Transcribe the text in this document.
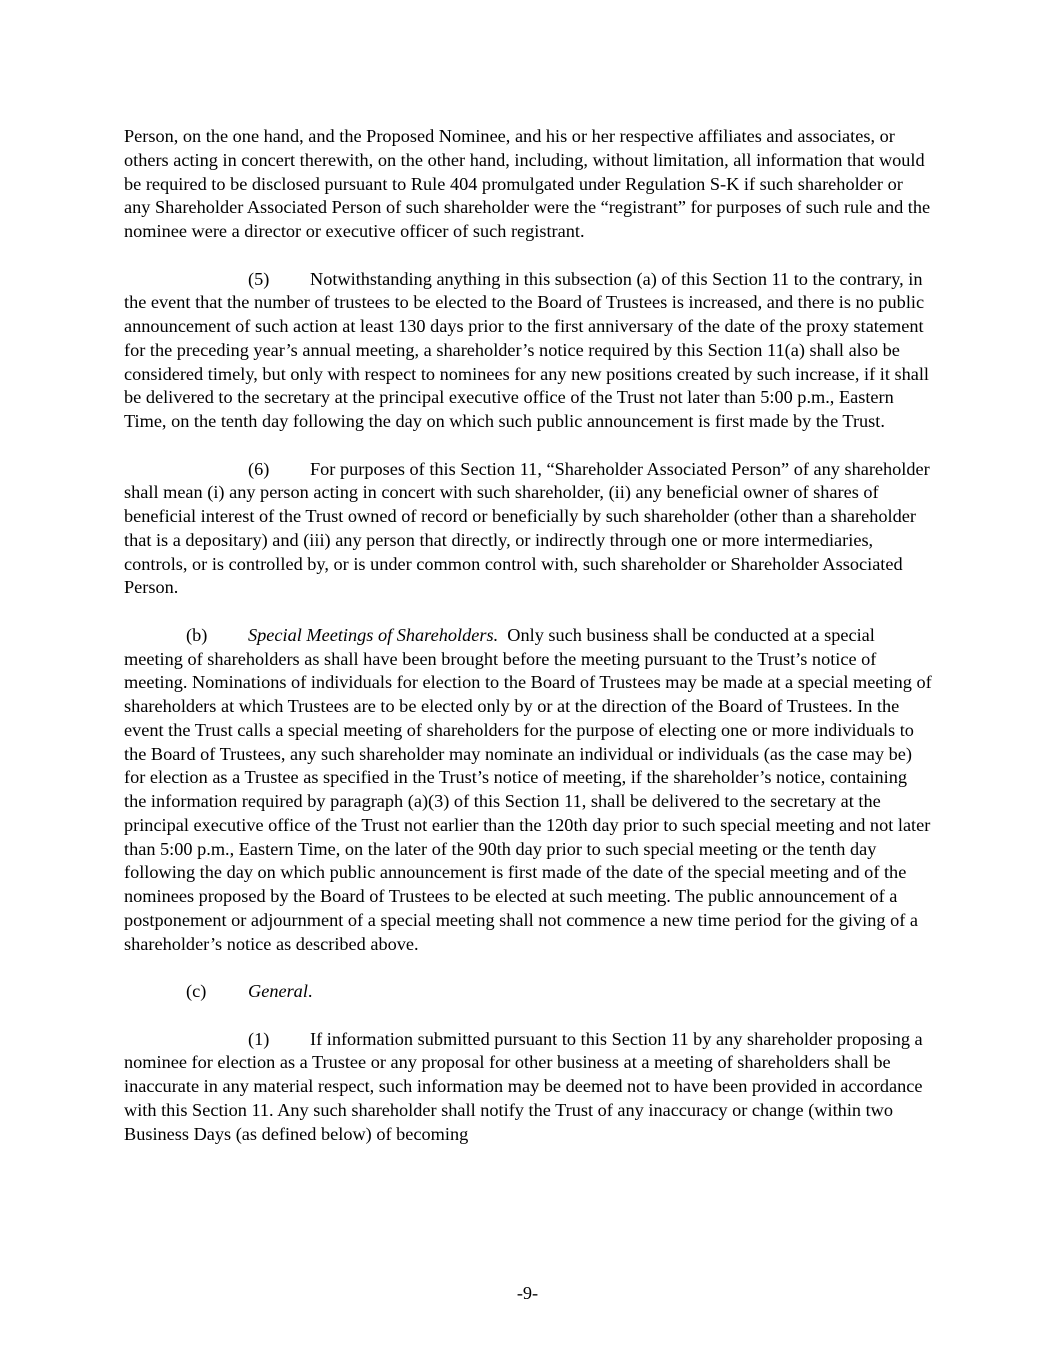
Person, on the one hand, and the Proposed Nominee, and his or her respective affiliates and associates, or others acting in concert therewith, on the other hand, including, without limitation, all information that would be required to be disclosed pursuant to Rule 404 promulgated under Regulation S-K if such shareholder or any Shareholder Associated Person of such shareholder were the “registrant” for purposes of such rule and the nominee were a director or executive officer of such registrant.

(5) Notwithstanding anything in this subsection (a) of this Section 11 to the contrary, in the event that the number of trustees to be elected to the Board of Trustees is increased, and there is no public announcement of such action at least 130 days prior to the first anniversary of the date of the proxy statement for the preceding year’s annual meeting, a shareholder’s notice required by this Section 11(a) shall also be considered timely, but only with respect to nominees for any new positions created by such increase, if it shall be delivered to the secretary at the principal executive office of the Trust not later than 5:00 p.m., Eastern Time, on the tenth day following the day on which such public announcement is first made by the Trust.

(6) For purposes of this Section 11, “Shareholder Associated Person” of any shareholder shall mean (i) any person acting in concert with such shareholder, (ii) any beneficial owner of shares of beneficial interest of the Trust owned of record or beneficially by such shareholder (other than a shareholder that is a depositary) and (iii) any person that directly, or indirectly through one or more intermediaries, controls, or is controlled by, or is under common control with, such shareholder or Shareholder Associated Person.

(b) Special Meetings of Shareholders. Only such business shall be conducted at a special meeting of shareholders as shall have been brought before the meeting pursuant to the Trust’s notice of meeting. Nominations of individuals for election to the Board of Trustees may be made at a special meeting of shareholders at which Trustees are to be elected only by or at the direction of the Board of Trustees. In the event the Trust calls a special meeting of shareholders for the purpose of electing one or more individuals to the Board of Trustees, any such shareholder may nominate an individual or individuals (as the case may be) for election as a Trustee as specified in the Trust’s notice of meeting, if the shareholder’s notice, containing the information required by paragraph (a)(3) of this Section 11, shall be delivered to the secretary at the principal executive office of the Trust not earlier than the 120th day prior to such special meeting and not later than 5:00 p.m., Eastern Time, on the later of the 90th day prior to such special meeting or the tenth day following the day on which public announcement is first made of the date of the special meeting and of the nominees proposed by the Board of Trustees to be elected at such meeting. The public announcement of a postponement or adjournment of a special meeting shall not commence a new time period for the giving of a shareholder’s notice as described above.

(c) General.

(1) If information submitted pursuant to this Section 11 by any shareholder proposing a nominee for election as a Trustee or any proposal for other business at a meeting of shareholders shall be inaccurate in any material respect, such information may be deemed not to have been provided in accordance with this Section 11. Any such shareholder shall notify the Trust of any inaccuracy or change (within two Business Days (as defined below) of becoming

-9-
